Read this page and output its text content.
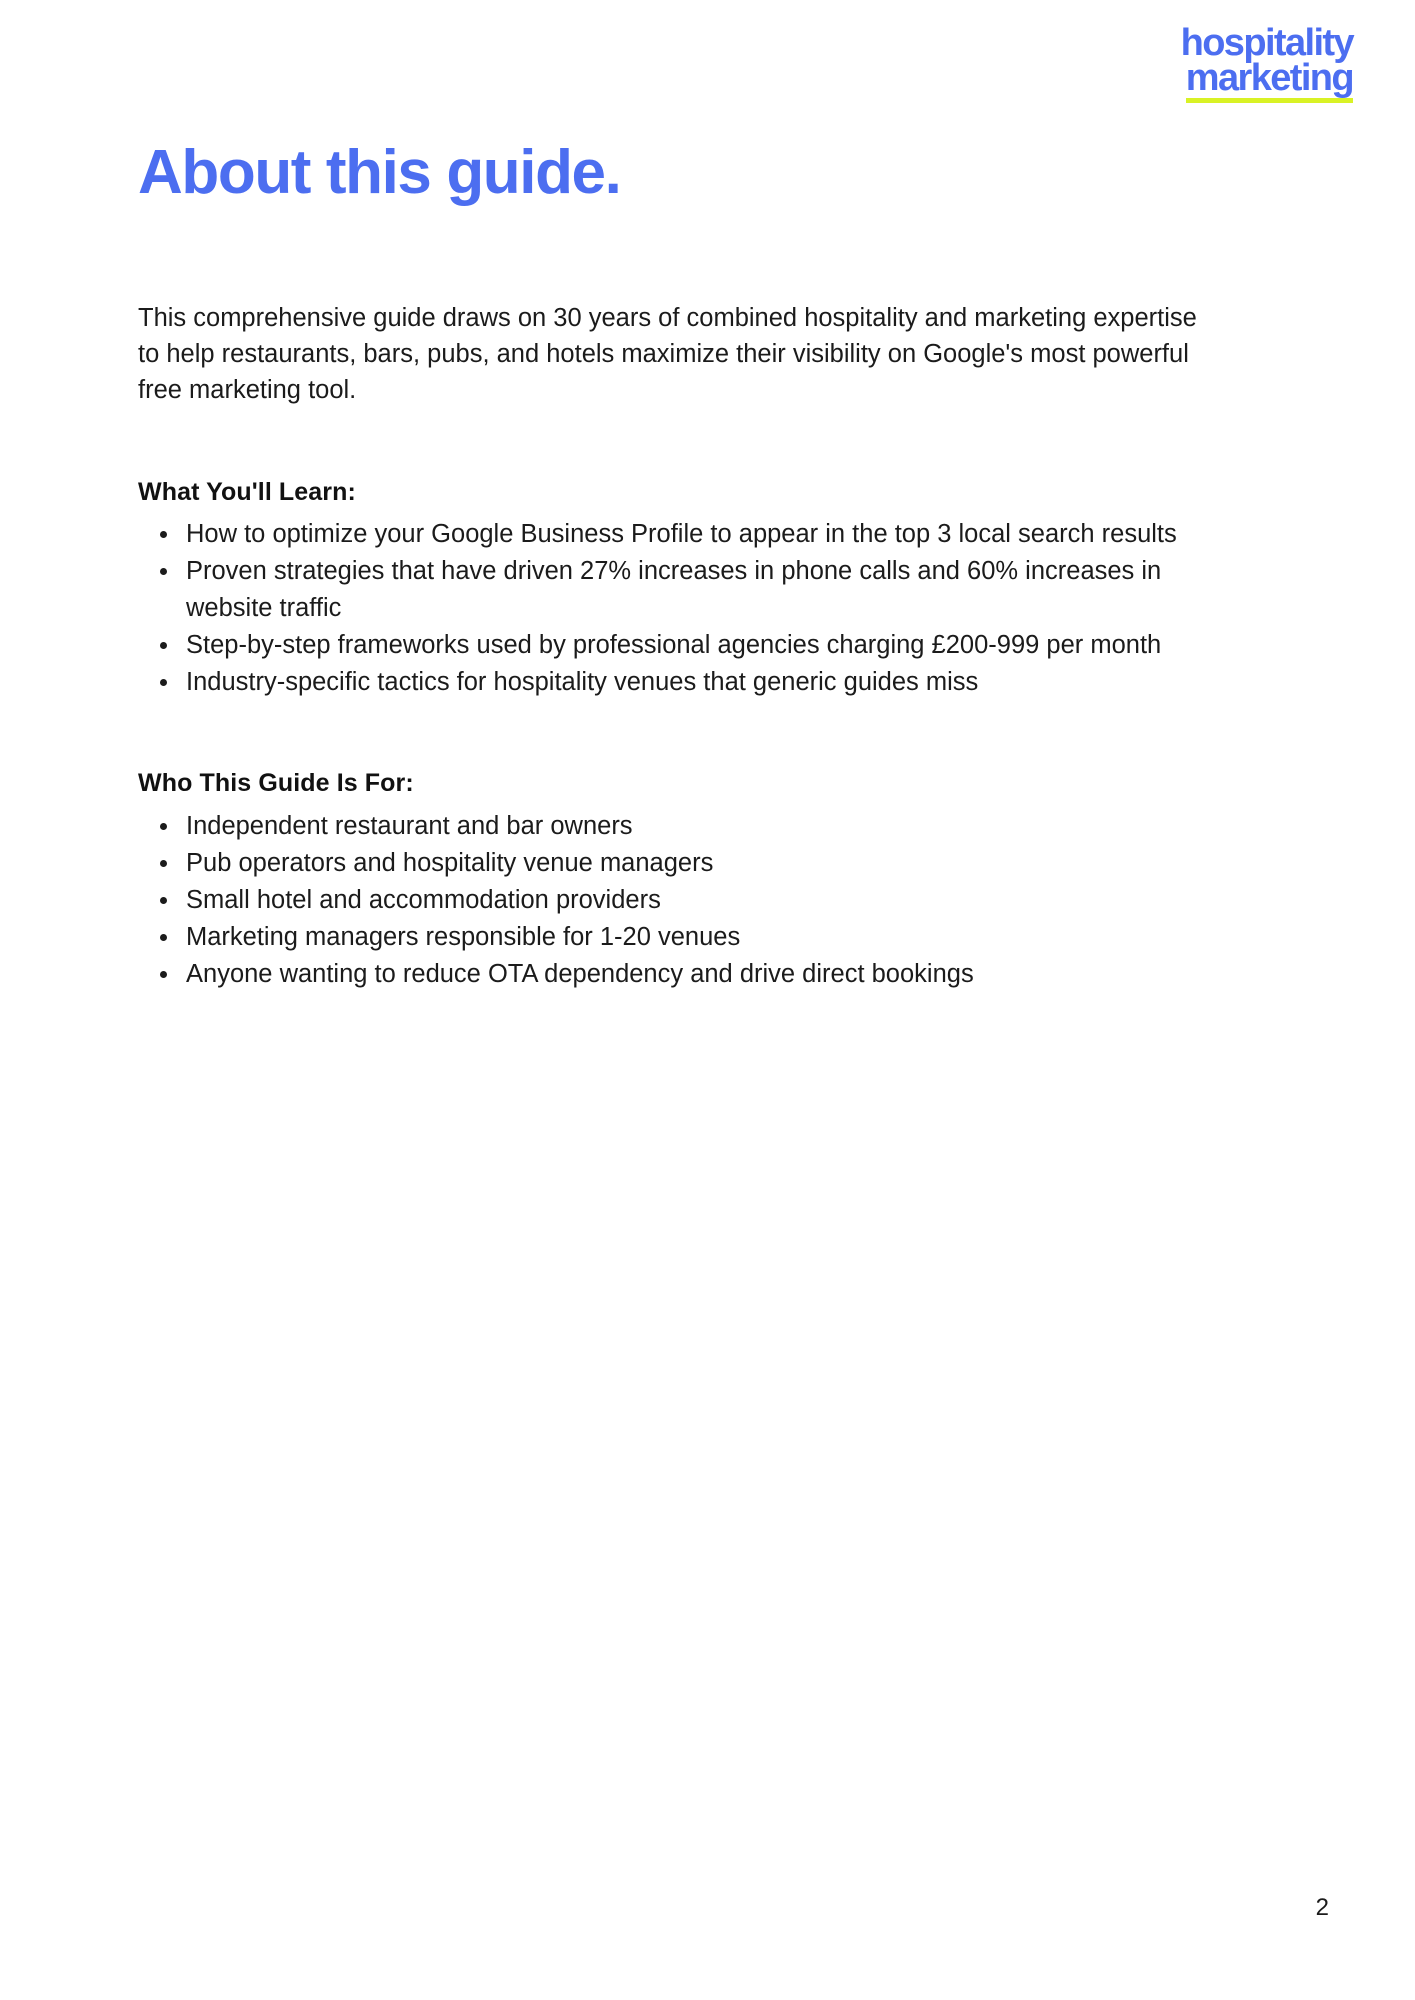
hospitality
marketing
About this guide.

This comprehensive guide draws on 30 years of combined hospitality and marketing expertise to help restaurants, bars, pubs, and hotels maximize their visibility on Google's most powerful free marketing tool.

What You'll Learn:
How to optimize your Google Business Profile to appear in the top 3 local search results
Proven strategies that have driven 27% increases in phone calls and 60% increases in website traffic
Step-by-step frameworks used by professional agencies charging £200-999 per month
Industry-specific tactics for hospitality venues that generic guides miss
Who This Guide Is For:
Independent restaurant and bar owners
Pub operators and hospitality venue managers
Small hotel and accommodation providers
Marketing managers responsible for 1-20 venues
Anyone wanting to reduce OTA dependency and drive direct bookings
2
